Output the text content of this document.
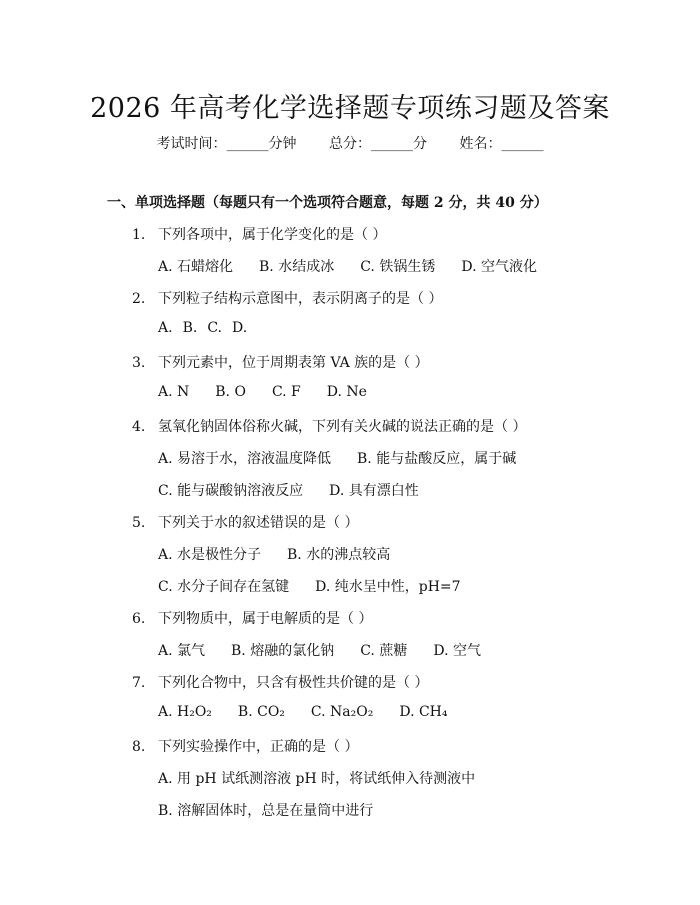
2026 年高考化学选择题专项练习题及答案
考试时间：______分钟 总分：______分 姓名：______
一、单项选择题（每题只有一个选项符合题意，每题 2 分，共 40 分）
1. 下列各项中，属于化学变化的是（ ）
A. 石蜡熔化 B. 水结成冰 C. 铁锅生锈 D. 空气液化
2. 下列粒子结构示意图中，表示阴离子的是（ ）
A. B. C. D.
3. 下列元素中，位于周期表第 VA 族的是（ ）
A. N B. O C. F D. Ne
4. 氢氧化钠固体俗称火碱，下列有关火碱的说法正确的是（ ）
A. 易溶于水，溶液温度降低 B. 能与盐酸反应，属于碱
C. 能与碳酸钠溶液反应 D. 具有漂白性
5. 下列关于水的叙述错误的是（ ）
A. 水是极性分子 B. 水的沸点较高
C. 水分子间存在氢键 D. 纯水呈中性，pH=7
6. 下列物质中，属于电解质的是（ ）
A. 氯气 B. 熔融的氯化钠 C. 蔗糖 D. 空气
7. 下列化合物中，只含有极性共价键的是（ ）
A. H₂O₂ B. CO₂ C. Na₂O₂ D. CH₄
8. 下列实验操作中，正确的是（ ）
A. 用 pH 试纸测溶液 pH 时，将试纸伸入待测液中
B. 溶解固体时，总是在量筒中进行
